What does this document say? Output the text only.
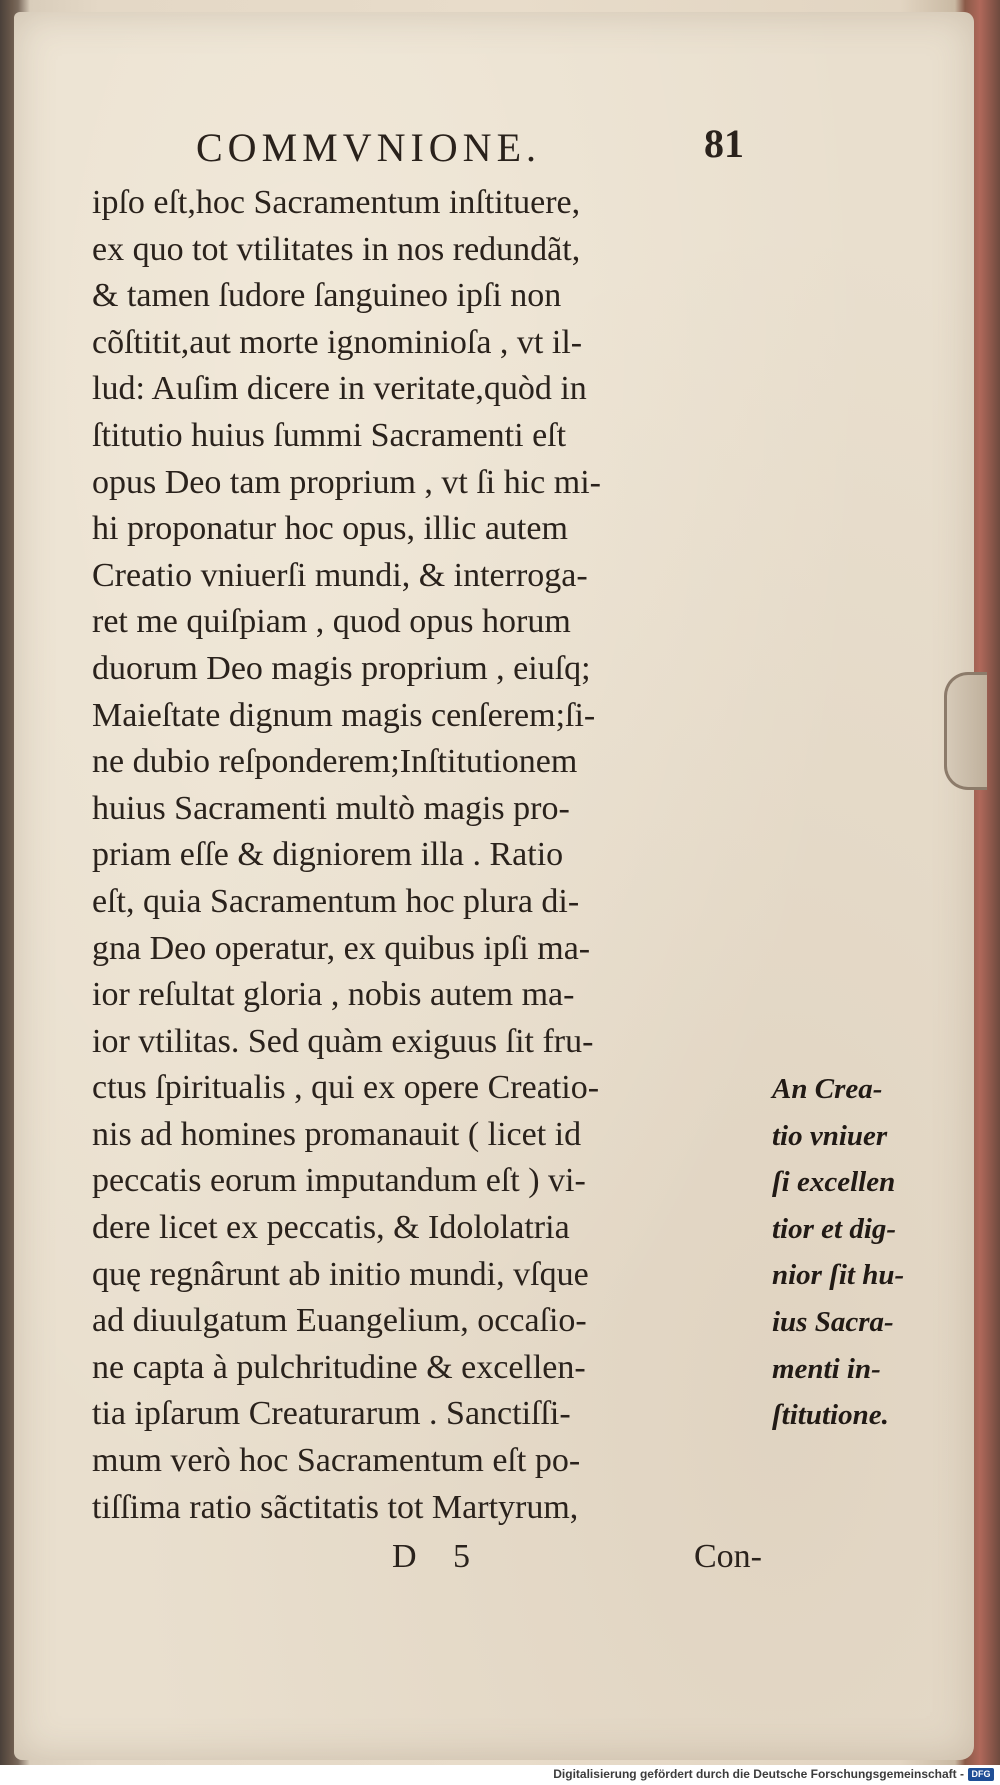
COMMVNIONE.	81
ipſo eſt,hoc Sacramentum inſtituere,
ex quo tot vtilitates in nos redundãt,
& tamen ſudore ſanguineo ipſi non
cõſtitit,aut morte ignominioſa , vt il-
lud: Auſim dicere in veritate,quòd in
ſtitutio huius ſummi Sacramenti eſt
opus Deo tam proprium , vt ſi hic mi-
hi proponatur hoc opus, illic autem
Creatio vniuerſi mundi, & interroga-
ret me quiſpiam , quod opus horum
duorum Deo magis proprium , eiuſq;
Maieſtate dignum magis cenſerem;ſi-
ne dubio reſponderem;Inſtitutionem
huius Sacramenti multò magis pro-
priam eſſe & digniorem illa . Ratio
eſt, quia Sacramentum hoc plura di-
gna Deo operatur, ex quibus ipſi ma-
ior reſultat gloria , nobis autem ma-
ior vtilitas. Sed quàm exiguus ſit fru-
ctus ſpiritualis , qui ex opere Creatio-
nis ad homines promanauit ( licet id
peccatis eorum imputandum eſt ) vi-
dere licet ex peccatis, & Idololatria
quę regnârunt ab initio mundi, vſque
ad diuulgatum Euangelium, occaſio-
ne capta à pulchritudine & excellen-
tia ipſarum Creaturarum . Sanctiſſi-
mum verò hoc Sacramentum eſt po-
tiſſima ratio sãctitatis tot Martyrum,
An Crea-
tio vniuer
ſi excellen
tior et dig-
nior ſit hu-
ius Sacra-
menti in-
ſtitutione.
D 5	Con-
Digitalisierung gefördert durch die Deutsche Forschungsgemeinschaft - DFG
